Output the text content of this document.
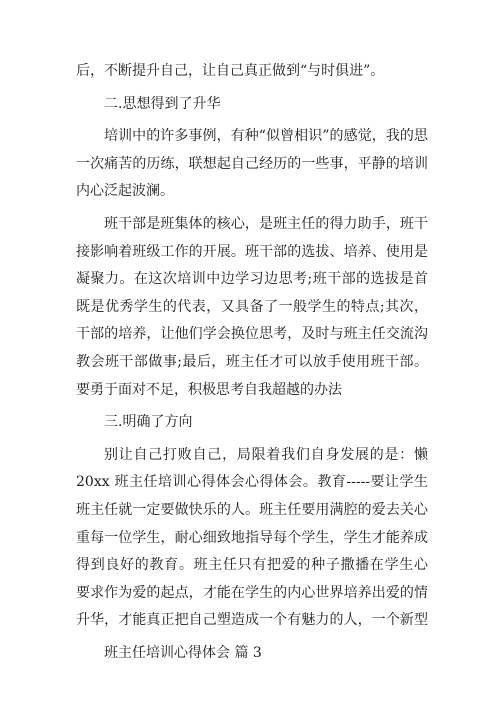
后，不断提升自己，让自己真正做到“与时俱进”。
二.思想得到了升华
培训中的许多事例，有种“似曾相识”的感觉，我的思
一次痛苦的历练，联想起自己经历的一些事，平静的培训
内心泛起波澜。
班干部是班集体的核心，是班主任的得力助手，班干
接影响着班级工作的开展。班干部的选拔、培养、使用是
凝聚力。在这次培训中边学习边思考;班干部的选拔是首
既是优秀学生的代表，又具备了一般学生的特点;其次，
干部的培养，让他们学会换位思考，及时与班主任交流沟
教会班干部做事;最后，班主任才可以放手使用班干部。
要勇于面对不足，积极思考自我超越的办法
三.明确了方向
别让自己打败自己，局限着我们自身发展的是：懒
20xx 班主任培训心得体会心得体会。教育-----要让学生
班主任就一定要做快乐的人。班主任要用满腔的爱去关心
重每一位学生，耐心细致地指导每个学生，学生才能养成
得到良好的教育。班主任只有把爱的种子撒播在学生心
要求作为爱的起点，才能在学生的内心世界培养出爱的情
升华，才能真正把自己塑造成一个有魅力的人，一个新型
班主任培训心得体会 篇 3
